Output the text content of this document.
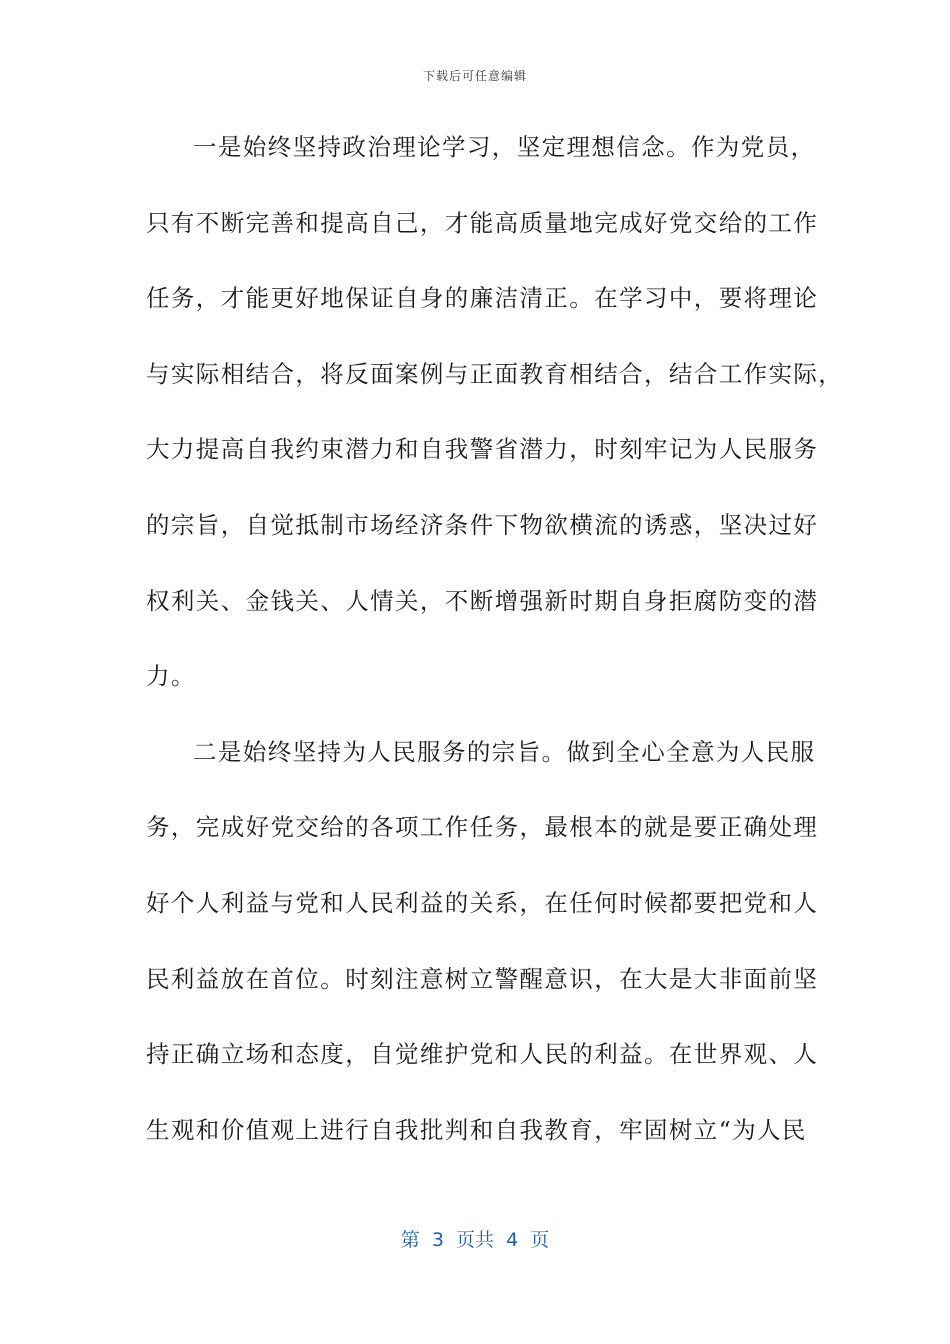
下载后可任意编辑
一是始终坚持政治理论学习，坚定理想信念。作为党员，
只有不断完善和提高自己，才能高质量地完成好党交给的工作
任务，才能更好地保证自身的廉洁清正。在学习中，要将理论
与实际相结合，将反面案例与正面教育相结合，结合工作实际，
大力提高自我约束潜力和自我警省潜力，时刻牢记为人民服务
的宗旨，自觉抵制市场经济条件下物欲横流的诱惑，坚决过好
权利关、金钱关、人情关，不断增强新时期自身拒腐防变的潜
力。
二是始终坚持为人民服务的宗旨。做到全心全意为人民服
务，完成好党交给的各项工作任务，最根本的就是要正确处理
好个人利益与党和人民利益的关系，在任何时候都要把党和人
民利益放在首位。时刻注意树立警醒意识，在大是大非面前坚
持正确立场和态度，自觉维护党和人民的利益。在世界观、人
生观和价值观上进行自我批判和自我教育，牢固树立“为人民
第  3  页共  4  页
